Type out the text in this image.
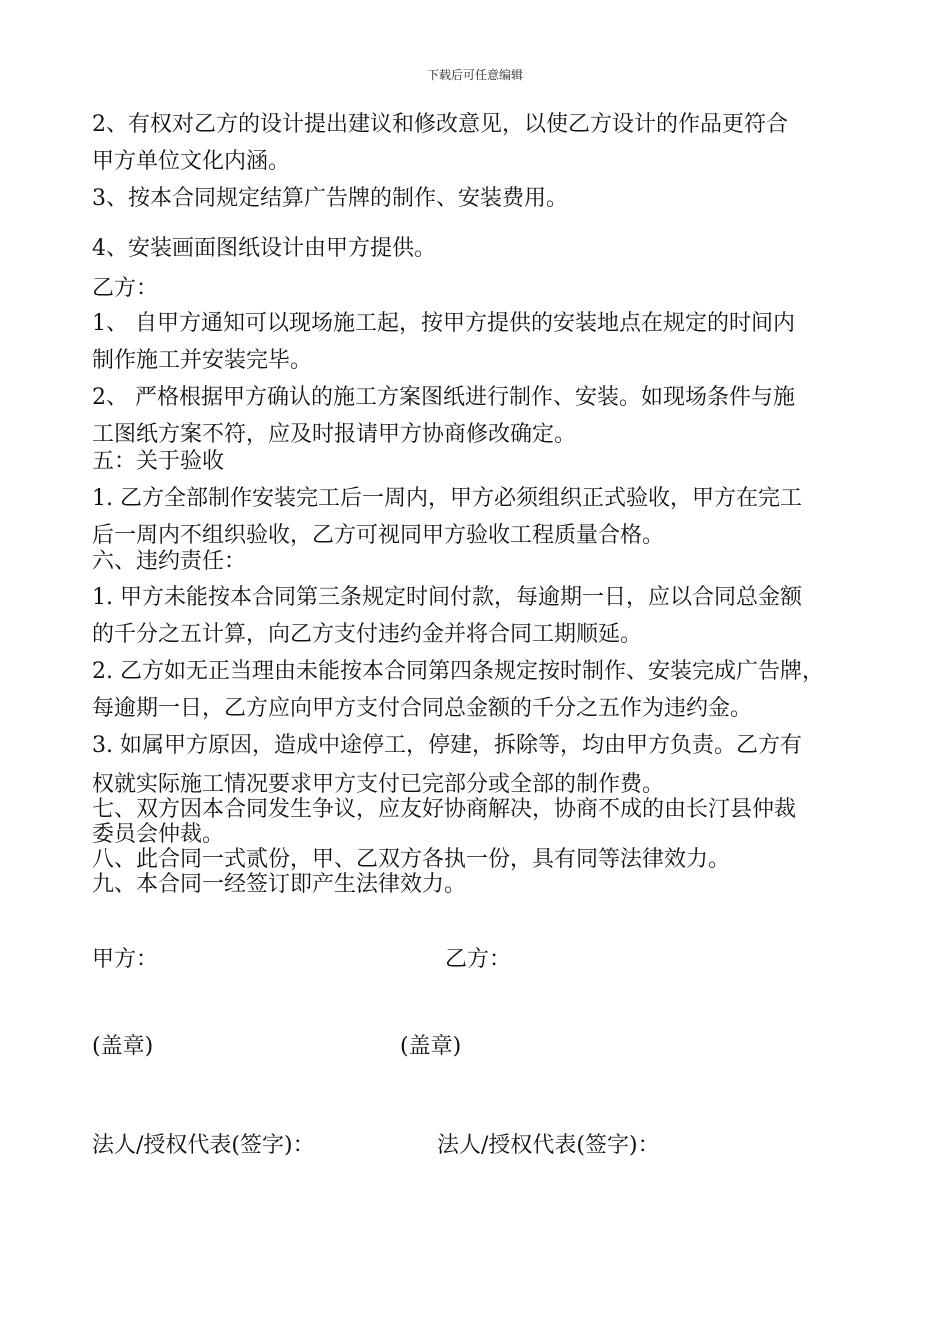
下载后可任意编辑
2、有权对乙方的设计提出建议和修改意见，以使乙方设计的作品更符合
甲方单位文化内涵。
3、按本合同规定结算广告牌的制作、安装费用。
4、安装画面图纸设计由甲方提供。
乙方：
1、 自甲方通知可以现场施工起，按甲方提供的安装地点在规定的时间内
制作施工并安装完毕。
2、 严格根据甲方确认的施工方案图纸进行制作、安装。如现场条件与施
工图纸方案不符，应及时报请甲方协商修改确定。
五：关于验收
1. 乙方全部制作安装完工后一周内，甲方必须组织正式验收，甲方在完工
后一周内不组织验收，乙方可视同甲方验收工程质量合格。
六、违约责任：
1. 甲方未能按本合同第三条规定时间付款，每逾期一日，应以合同总金额
的千分之五计算，向乙方支付违约金并将合同工期顺延。
2. 乙方如无正当理由未能按本合同第四条规定按时制作、安装完成广告牌，
每逾期一日，乙方应向甲方支付合同总金额的千分之五作为违约金。
3. 如属甲方原因，造成中途停工，停建，拆除等，均由甲方负责。乙方有
权就实际施工情况要求甲方支付已完部分或全部的制作费。
七、双方因本合同发生争议，应友好协商解决，协商不成的由长汀县仲裁
委员会仲裁。
八、此合同一式贰份，甲、乙双方各执一份，具有同等法律效力。
九、本合同一经签订即产生法律效力。
甲方：	乙方：
(盖章)	(盖章)
法人/授权代表(签字)：	法人/授权代表(签字)：
